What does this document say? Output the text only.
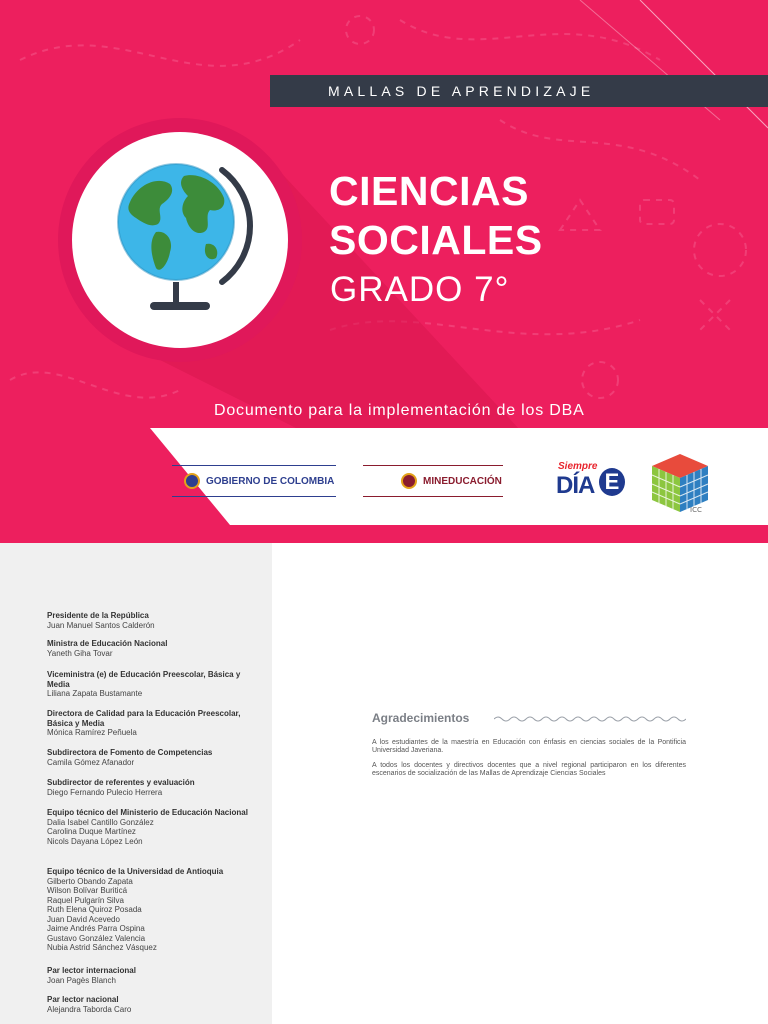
MALLAS DE APRENDIZAJE
CIENCIAS
SOCIALES
GRADO 7°
Documento para la implementación de los DBA
GOBIERNO DE COLOMBIA	MINEDUCACIÓN
Siempre
DÍA E
ICC
Presidente de la República
Juan Manuel Santos Calderón
Ministra de Educación Nacional
Yaneth Giha Tovar
Viceministra (e) de Educación Preescolar, Básica y Media
Liliana Zapata Bustamante
Directora de Calidad para la Educación Preescolar, Básica y Media
Mónica Ramírez Peñuela
Subdirectora de Fomento de Competencias
Camila Gómez Afanador
Subdirector de referentes y evaluación
Diego Fernando Pulecio Herrera
Equipo técnico del Ministerio de Educación Nacional
Dalia Isabel Cantillo González
Carolina Duque Martínez
Nicols Dayana López León
Equipo técnico de la Universidad de Antioquia
Gilberto Obando Zapata
Wilson Bolívar Buriticá
Raquel Pulgarín Silva
Ruth Elena Quiroz Posada
Juan David Acevedo
Jaime Andrés Parra Ospina
Gustavo González Valencia
Nubia Astrid Sánchez Vásquez
Par lector internacional
Joan Pagès Blanch
Par lector nacional
Alejandra Taborda Caro
Agradecimientos

A los estudiantes de la maestría en Educación con énfasis en ciencias sociales de la Pontificia Universidad Javeriana.

A todos los docentes y directivos docentes que a nivel regional participaron en los diferentes escenarios de socialización de las Mallas de Aprendizaje Ciencias Sociales
